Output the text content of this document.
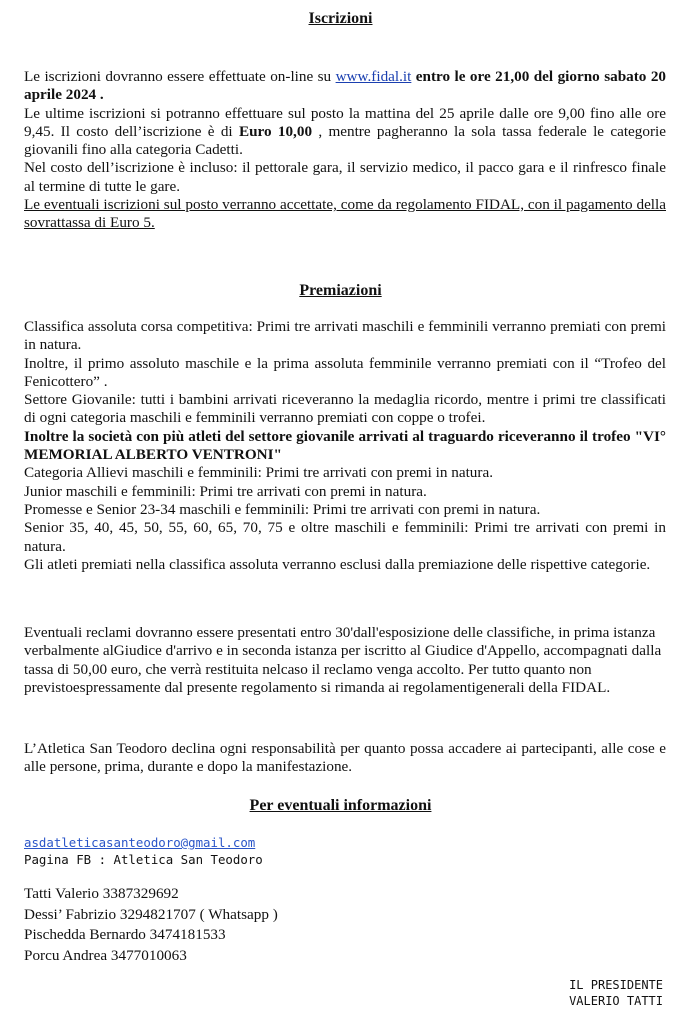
Iscrizioni

Le iscrizioni dovranno essere effettuate on-line su www.fidal.it entro le ore 21,00 del giorno sabato 20 aprile 2024 .

Le ultime iscrizioni si potranno effettuare sul posto la mattina del 25 aprile dalle ore 9,00 fino alle ore 9,45. Il costo dell’iscrizione è di Euro 10,00 , mentre pagheranno la sola tassa federale le categorie giovanili fino alla categoria Cadetti.

Nel costo dell’iscrizione è incluso: il pettorale gara, il servizio medico, il pacco gara e il rinfresco finale al termine di tutte le gare.

Le eventuali iscrizioni sul posto verranno accettate, come da regolamento FIDAL, con il pagamento della sovrattassa di Euro 5.

Premiazioni

Classifica assoluta corsa competitiva: Primi tre arrivati maschili e femminili verranno premiati con premi in natura.

Inoltre, il primo assoluto maschile e la prima assoluta femminile verranno premiati con il “Trofeo del Fenicottero” .

Settore Giovanile: tutti i bambini arrivati riceveranno la medaglia ricordo, mentre i primi tre classificati di ogni categoria maschili e femminili verranno premiati con coppe o trofei.

Inoltre la società con più atleti del settore giovanile arrivati al traguardo riceveranno il trofeo "VI° MEMORIAL ALBERTO VENTRONI"

Categoria Allievi maschili e femminili: Primi tre arrivati con premi in natura.

Junior maschili e femminili: Primi tre arrivati con premi in natura.

Promesse e Senior 23-34 maschili e femminili: Primi tre arrivati con premi in natura.

Senior 35, 40, 45, 50, 55, 60, 65, 70, 75 e oltre maschili e femminili: Primi tre arrivati con premi in natura.

Gli atleti premiati nella classifica assoluta verranno esclusi dalla premiazione delle rispettive categorie.

Eventuali reclami dovranno essere presentati entro 30'dall'esposizione delle classifiche, in prima istanza verbalmente alGiudice d'arrivo e in seconda istanza per iscritto al Giudice d'Appello, accompagnati dalla tassa di 50,00 euro, che verrà restituita nelcaso il reclamo venga accolto. Per tutto quanto non previstoespressamente dal presente regolamento si rimanda ai regolamentigenerali della FIDAL.
L’Atletica San Teodoro declina ogni responsabilità per quanto possa accadere ai partecipanti, alle cose e alle persone, prima, durante e dopo la manifestazione.
Per eventuali informazioni
asdatleticasanteodoro@gmail.com
Pagina FB : Atletica San Teodoro
Tatti Valerio 3387329692
Dessi’ Fabrizio 3294821707 ( Whatsapp )
Pischedda Bernardo 3474181533
Porcu Andrea 3477010063
IL PRESIDENTE
VALERIO TATTI
